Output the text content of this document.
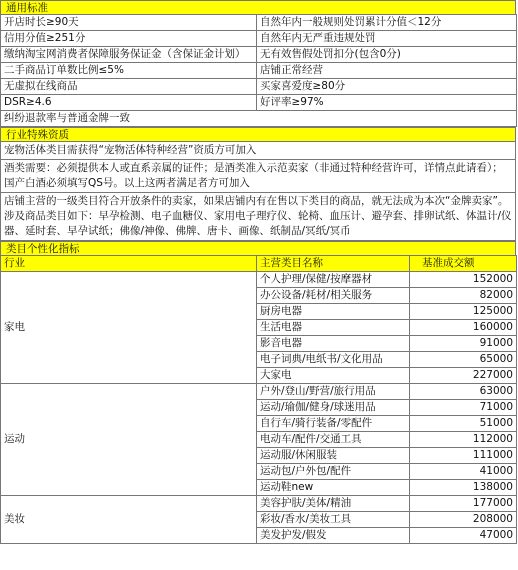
通用标准
开店时长≥90天	自然年内一般规则处罚累计分值＜12分
信用分值≥251分	自然年内无严重违规处罚
缴纳淘宝网消费者保障服务保证金（含保证金计划）	无有效售假处罚扣分(包含0分)
二手商品订单数比例≤5%	店铺正常经营
无虚拟在线商品	买家喜爱度≥80分
DSR≥4.6	好评率≥97%
纠纷退款率与普通金牌一致	
行业特殊资质
宠物活体类目需获得“宠物活体特种经营”资质方可加入
酒类需要：必须提供本人或直系亲属的证件；是酒类准入示范卖家（非通过特种经营许可，详情点此请看）；国产白酒必须填写QS号。以上这两者满足者方可加入
店铺主营的一级类目符合开放条件的卖家，如果店铺内有在售以下类目的商品，就无法成为本次“金牌卖家”。涉及商品类目如下：早孕检测、电子血糖仪、家用电子理疗仪、轮椅、血压计、避孕套、排卵试纸、体温计/仪器、延时套、早孕试纸；佛像/神像、佛牌、唐卡、画像、纸制品/冥纸/冥币
类目个性化指标
行业	主营类目名称	基准成交额
家电	个人护理/保健/按摩器材	152000
	办公设备/耗材/相关服务	82000
	厨房电器	125000
	生活电器	160000
	影音电器	91000
	电子词典/电纸书/文化用品	65000
	大家电	227000
运动	户外/登山/野营/旅行用品	63000
	运动/瑜伽/健身/球迷用品	71000
	自行车/骑行装备/零配件	51000
	电动车/配件/交通工具	112000
	运动服/休闲服装	111000
	运动包/户外包/配件	41000
	运动鞋new	138000
美妆	美容护肤/美体/精油	177000
	彩妆/香水/美妆工具	208000
	美发护发/假发	47000
